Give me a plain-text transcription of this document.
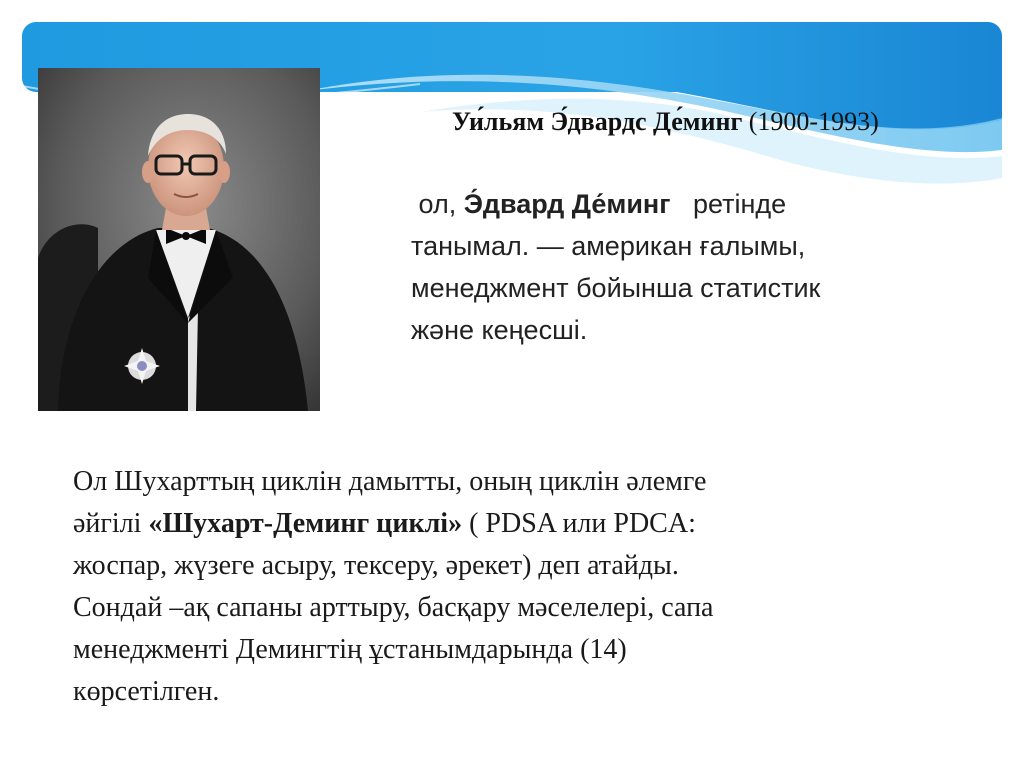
Уи́льям Э́двардс Де́минг (1900-1993)
ол, Э́двард Де́минг ретінде
танымал. — американ ғалымы,
менеджмент бойынша статистик
және кеңесші.
Ол Шухарттың циклін дамытты, оның циклін әлемге
әйгілі «Шухарт-Деминг циклі» ( PDSA или PDCA:
жоспар, жүзеге асыру, тексеру, әрекет) деп атайды.
Сондай –ақ сапаны арттыру, басқару мәселелері, сапа
менеджменті Демингтің ұстанымдарында (14)
көрсетілген.
